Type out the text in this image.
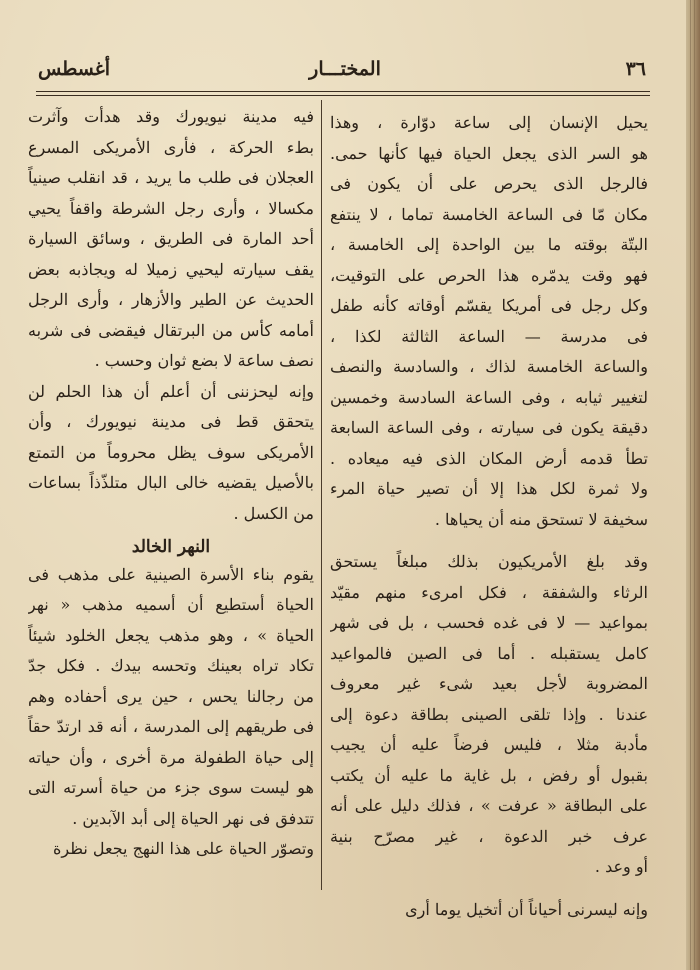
٣٦
المختـــار
أغسطس

يحيل الإنسان إلى ساعة دوّارة ، وهذا

هو السر الذى يجعل الحياة فيها كأنها حمى.

فالرجل الذى يحرص على أن يكون فى

مكان مّا فى الساعة الخامسة تماما ، لا ينتفع

البتّة بوقته ما بين الواحدة إلى الخامسة ،

فهو وقت يدمّره هذا الحرص على التوقيت،

وكل رجل فى أمريكا يقسّم أوقاته كأنه طفل

فى مدرسة — الساعة الثالثة لكذا ،

والساعة الخامسة لذاك ، والسادسة والنصف

لتغيير ثيابه ، وفى الساعة السادسة وخمسين

دقيقة يكون فى سيارته ، وفى الساعة السابعة

تطأ قدمه أرض المكان الذى فيه ميعاده .

ولا ثمرة لكل هذا إلا أن تصير حياة المرء

سخيفة لا تستحق منه أن يحياها .

وقد بلغ الأمريكيون بذلك مبلغاً يستحق

الرثاء والشفقة ، فكل امرىء منهم مقيّد

بمواعيد — لا فى غده فحسب ، بل فى شهر

كامل يستقبله . أما فى الصين فالمواعيد

المضروبة لأجل بعيد شىء غير معروف

عندنا . وإذا تلقى الصينى بطاقة دعوة إلى

مأدبة مثلا ، فليس فرضاً عليه أن يجيب

بقبول أو رفض ، بل غاية ما عليه أن يكتب

على البطاقة « عرفت » ، فذلك دليل على أنه

عرف خبر الدعوة ، غير مصرّح بنية

أو وعد .

وإنه ليسرنى أحياناً أن أتخيل يوما أرى

فيه مدينة نيويورك وقد هدأت وآثرت

بطء الحركة ، فأرى الأمريكى المسرع

العجلان فى طلب ما يريد ، قد انقلب صينياً

مكسالا ، وأرى رجل الشرطة واقفاً يحيي

أحد المارة فى الطريق ، وسائق السيارة

يقف سيارته ليحيي زميلا له ويجاذبه بعض

الحديث عن الطير والأزهار ، وأرى الرجل

أمامه كأس من البرتقال فيقضى فى شربه

نصف ساعة لا بضع ثوان وحسب .

وإنه ليحزننى أن أعلم أن هذا الحلم لن

يتحقق قط فى مدينة نيويورك ، وأن

الأمريكى سوف يظل محروماً من التمتع

بالأصيل يقضيه خالى البال متلذّذاً بساعات

من الكسل .

النهر الخالد

يقوم بناء الأسرة الصينية على مذهب فى

الحياة أستطيع أن أسميه مذهب « نهر

الحياة » ، وهو مذهب يجعل الخلود شيئاً

تكاد تراه بعينك وتحسه بيدك . فكل جدّ

من رجالنا يحس ، حين يرى أحفاده وهم

فى طريقهم إلى المدرسة ، أنه قد ارتدّ حقاً

إلى حياة الطفولة مرة أخرى ، وأن حياته

هو ليست سوى جزء من حياة أسرته التى

تتدفق فى نهر الحياة إلى أبد الآبدين .

وتصوّر الحياة على هذا النهج يجعل نظرة
